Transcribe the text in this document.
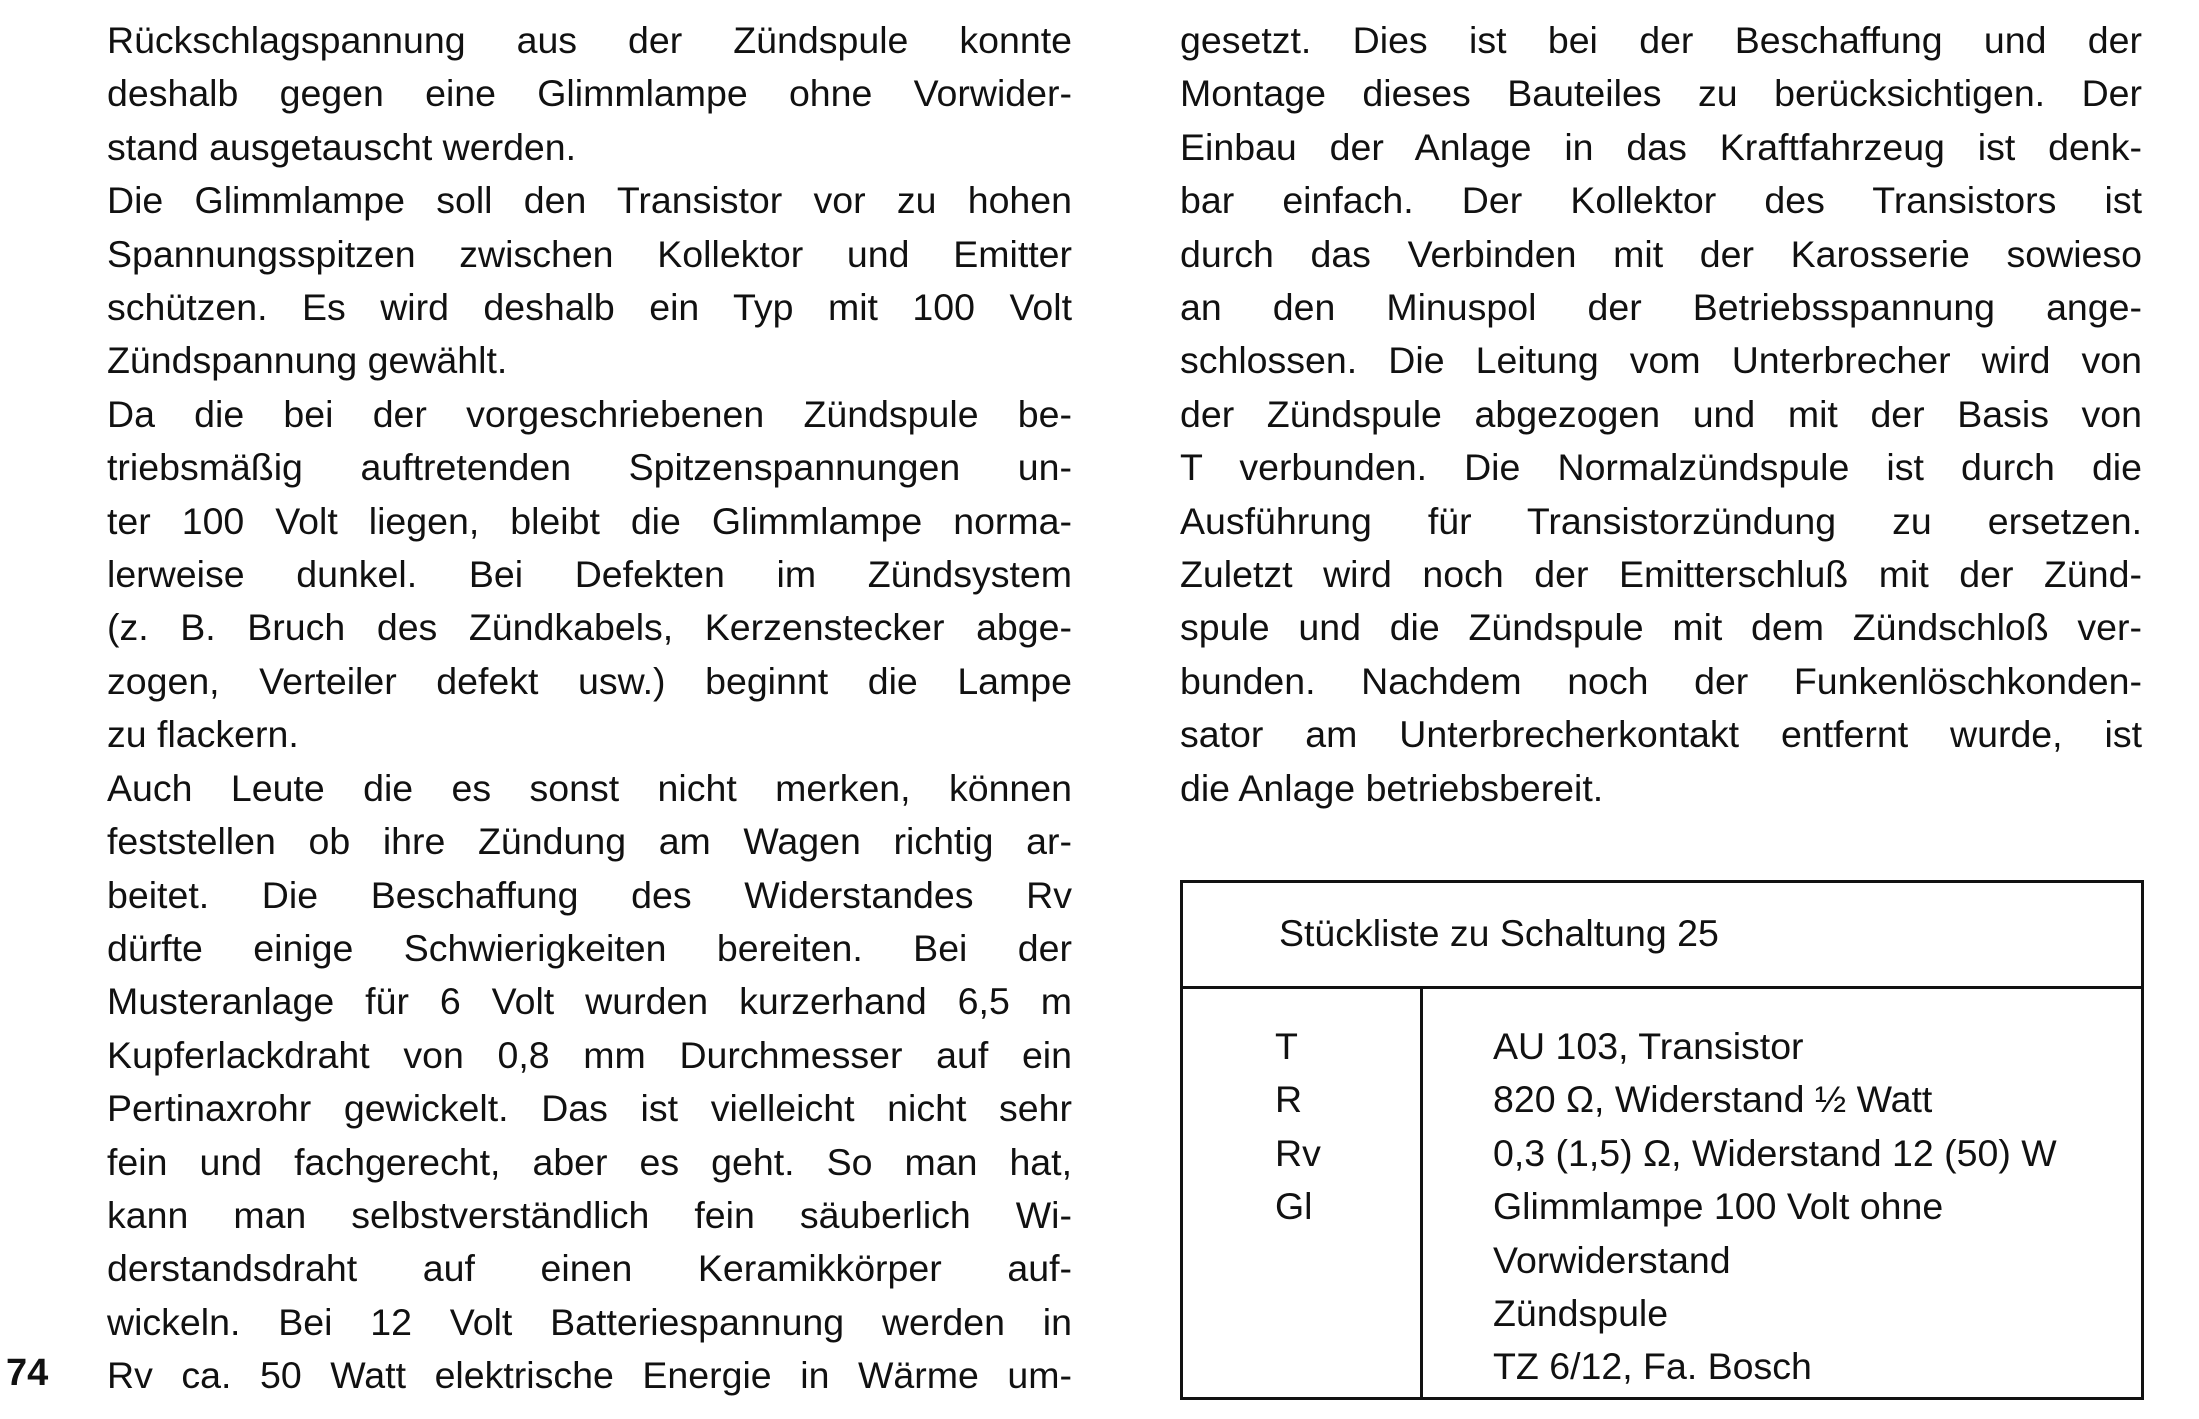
Rückschlagspannung aus der Zündspule konnte
deshalb gegen eine Glimmlampe ohne Vorwider-
stand ausgetauscht werden.
Die Glimmlampe soll den Transistor vor zu hohen
Spannungsspitzen zwischen Kollektor und Emitter
schützen. Es wird deshalb ein Typ mit 100 Volt
Zündspannung gewählt.
Da die bei der vorgeschriebenen Zündspule be-
triebsmäßig auftretenden Spitzenspannungen un-
ter 100 Volt liegen, bleibt die Glimmlampe norma-
lerweise dunkel. Bei Defekten im Zündsystem
(z. B. Bruch des Zündkabels, Kerzenstecker abge-
zogen, Verteiler defekt usw.) beginnt die Lampe
zu flackern.
Auch Leute die es sonst nicht merken, können
feststellen ob ihre Zündung am Wagen richtig ar-
beitet. Die Beschaffung des Widerstandes Rv
dürfte einige Schwierigkeiten bereiten. Bei der
Musteranlage für 6 Volt wurden kurzerhand 6,5 m
Kupferlackdraht von 0,8 mm Durchmesser auf ein
Pertinaxrohr gewickelt. Das ist vielleicht nicht sehr
fein und fachgerecht, aber es geht. So man hat,
kann man selbstverständlich fein säuberlich Wi-
derstandsdraht auf einen Keramikkörper auf-
wickeln. Bei 12 Volt Batteriespannung werden in
Rv ca. 50 Watt elektrische Energie in Wärme um-
74
gesetzt. Dies ist bei der Beschaffung und der
Montage dieses Bauteiles zu berücksichtigen. Der
Einbau der Anlage in das Kraftfahrzeug ist denk-
bar einfach. Der Kollektor des Transistors ist
durch das Verbinden mit der Karosserie sowieso
an den Minuspol der Betriebsspannung ange-
schlossen. Die Leitung vom Unterbrecher wird von
der Zündspule abgezogen und mit der Basis von
T verbunden. Die Normalzündspule ist durch die
Ausführung für Transistorzündung zu ersetzen.
Zuletzt wird noch der Emitterschluß mit der Zünd-
spule und die Zündspule mit dem Zündschloß ver-
bunden. Nachdem noch der Funkenlöschkonden-
sator am Unterbrecherkontakt entfernt wurde, ist
die Anlage betriebsbereit.
Stückliste zu Schaltung 25
T
R
Rv
Gl
AU 103, Transistor
820 Ω, Widerstand ½ Watt
0,3 (1,5) Ω, Widerstand 12 (50) W
Glimmlampe 100 Volt ohne
Vorwiderstand
Zündspule
TZ 6/12, Fa. Bosch
